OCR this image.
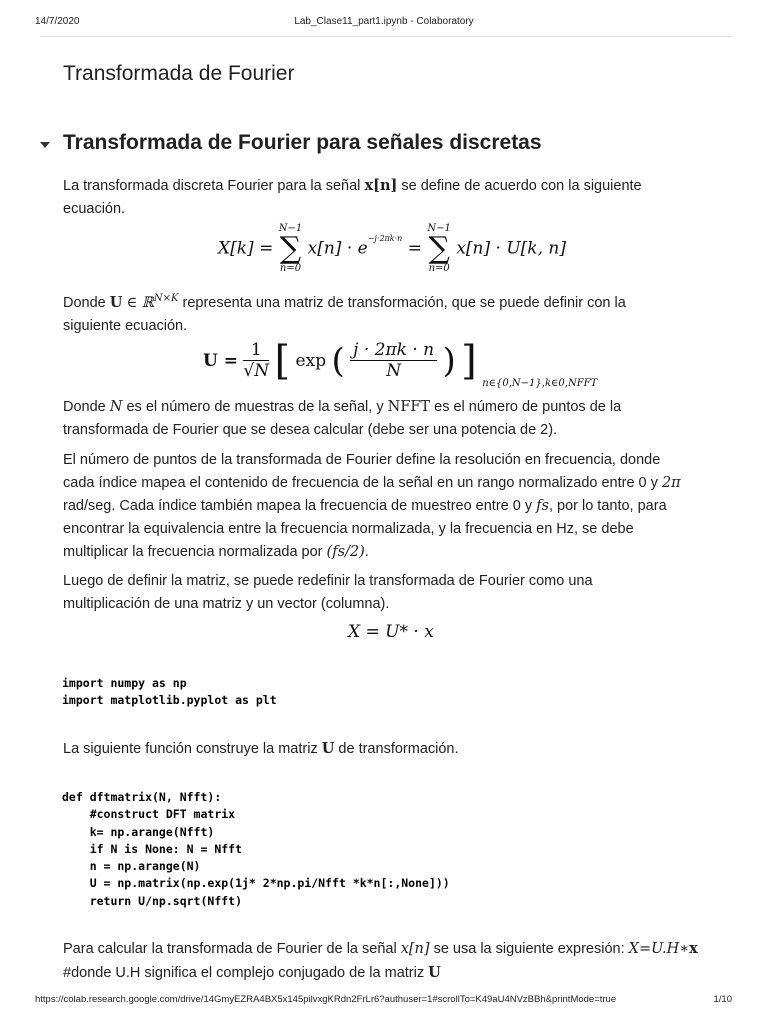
14/7/2020	Lab_Clase11_part1.ipynb - Colaboratory
Transformada de Fourier
Transformada de Fourier para señales discretas

La transformada discreta Fourier para la señal x[n] se define de acuerdo con la siguiente
ecuación.

X[k] =
N−1
∑
n=0
$x[n] \cdot e^{-j\cdot 2\pi k\cdot n}$ =
N−1
∑
n=0
x[n] · U[k, n]

Donde U ∈ ℝ$^{N\times K}$ representa una matriz de transformación, que se puede definir con la
siguiente ecuación.

$U = \frac{1}{√N}$ [ exp ( $\frac{j \cdot 2\pi k \cdot n}{N}$ ) ] n∈{0,N−1},k∈0,NFFT

Donde N es el número de muestras de la señal, y NFFT es el número de puntos de la
transformada de Fourier que se desea calcular (debe ser una potencia de 2).

El número de puntos de la transformada de Fourier define la resolución en frecuencia, donde
cada índice mapea el contenido de frecuencia de la señal en un rango normalizado entre 0 y 2π
rad/seg. Cada índice también mapea la frecuencia de muestreo entre 0 y fs, por lo tanto, para
encontrar la equivalencia entre la frecuencia normalizada, y la frecuencia en Hz, se debe
multiplicar la frecuencia normalizada por (fs/2).

Luego de definir la matriz, se puede redefinir la transformada de Fourier como una
multiplicación de una matriz y un vector (columna).

X = U* · x
import numpy as np
import matplotlib.pyplot as plt

La siguiente función construye la matriz U de transformación.

def dftmatrix(N, Nfft):
#construct DFT matrix
k= np.arange(Nfft)
if N is None: N = Nfft
n = np.arange(N)
U = np.matrix(np.exp(1j* 2*np.pi/Nfft *k*n[:,None]))
return U/np.sqrt(Nfft)

Para calcular la transformada de Fourier de la señal x[n] se usa la siguiente expresión: X=U.H∗x
#donde U.H significa el complejo conjugado de la matriz U

https://colab.research.google.com/drive/14GmyEZRA4BX5x145pilvxgKRdn2FrLr6?authuser=1#scrollTo=K49aU4NVzBBh&printMode=true	1/10
